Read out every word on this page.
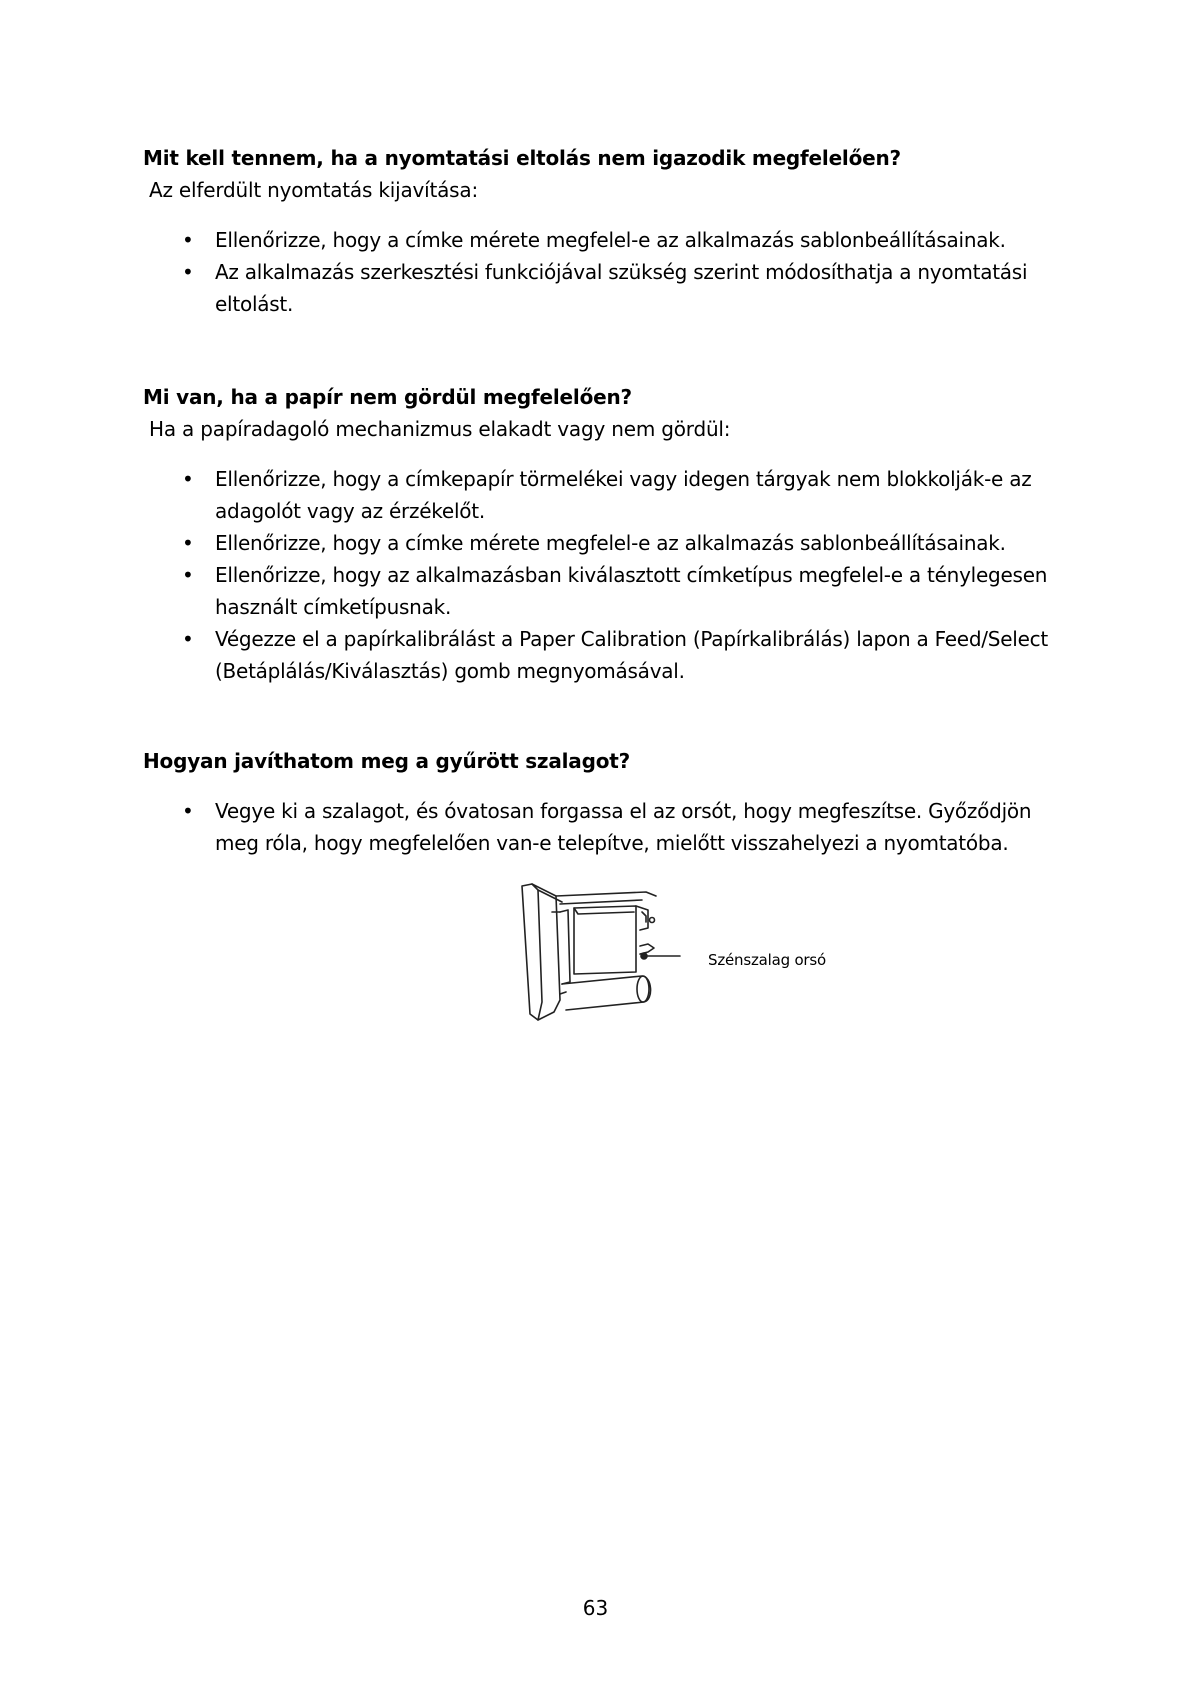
Mit kell tennem, ha a nyomtatási eltolás nem igazodik megfelelően?

Az elferdült nyomtatás kijavítása:

• Ellenőrizze, hogy a címke mérete megfelel-e az alkalmazás sablonbeállításainak.
• Az alkalmazás szerkesztési funkciójával szükség szerint módosíthatja a nyomtatási eltolást.
Mi van, ha a papír nem gördül megfelelően?

Ha a papíradagoló mechanizmus elakadt vagy nem gördül:

• Ellenőrizze, hogy a címkepapír törmelékei vagy idegen tárgyak nem blokkolják-e az adagolót vagy az érzékelőt.
• Ellenőrizze, hogy a címke mérete megfelel-e az alkalmazás sablonbeállításainak.
• Ellenőrizze, hogy az alkalmazásban kiválasztott címketípus megfelel-e a ténylegesen használt címketípusnak.
• Végezze el a papírkalibrálást a Paper Calibration (Papírkalibrálás) lapon a Feed/Select (Betáplálás/Kiválasztás) gomb megnyomásával.
Hogyan javíthatom meg a gyűrött szalagot?
• Vegye ki a szalagot, és óvatosan forgassa el az orsót, hogy megfeszítse. Győződjön meg róla, hogy megfelelően van-e telepítve, mielőtt visszahelyezi a nyomtatóba.
Szénszalag orsó
63
